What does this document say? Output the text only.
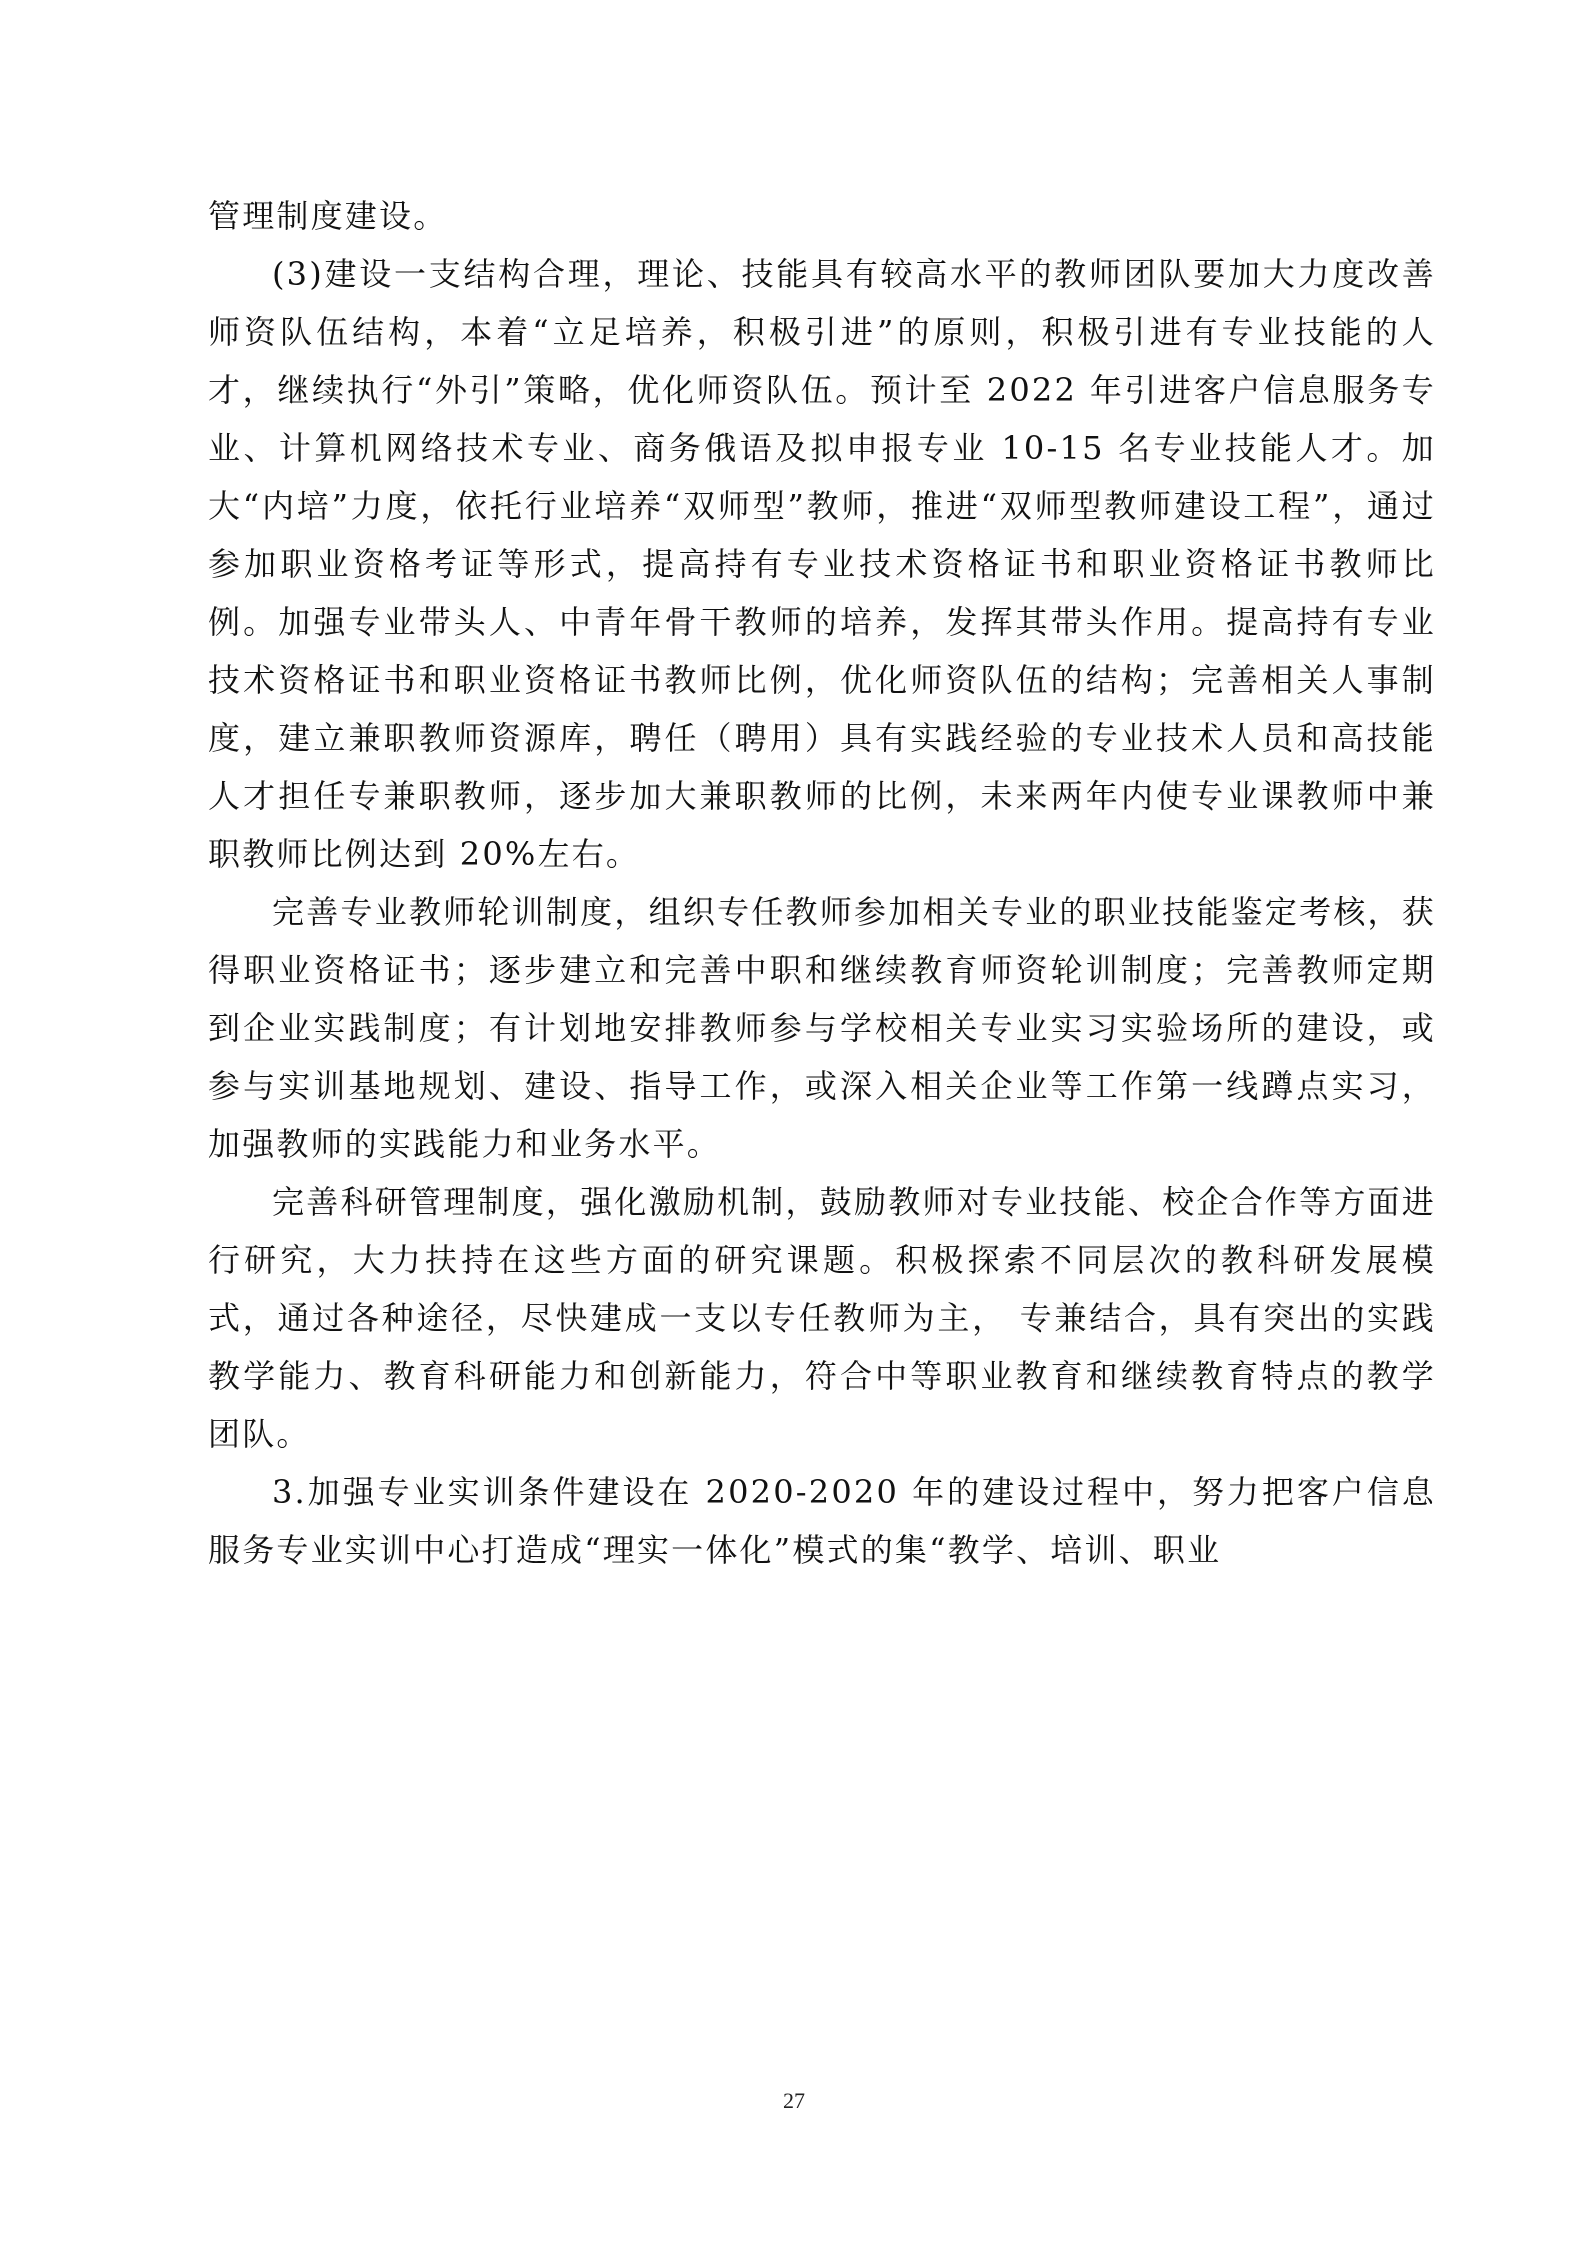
管理制度建设。

(3)建设一支结构合理，理论、技能具有较高水平的教师团队要加大力度改善师资队伍结构，本着“立足培养，积极引进”的原则，积极引进有专业技能的人才，继续执行“外引”策略，优化师资队伍。预计至 2022 年引进客户信息服务专业、计算机网络技术专业、商务俄语及拟申报专业 10-15 名专业技能人才。加大“内培”力度，依托行业培养“双师型”教师，推进“双师型教师建设工程”，通过参加职业资格考证等形式，提高持有专业技术资格证书和职业资格证书教师比例。加强专业带头人、中青年骨干教师的培养，发挥其带头作用。提高持有专业技术资格证书和职业资格证书教师比例，优化师资队伍的结构；完善相关人事制度，建立兼职教师资源库，聘任（聘用）具有实践经验的专业技术人员和高技能人才担任专兼职教师，逐步加大兼职教师的比例，未来两年内使专业课教师中兼职教师比例达到 20%左右。

完善专业教师轮训制度，组织专任教师参加相关专业的职业技能鉴定考核，获得职业资格证书；逐步建立和完善中职和继续教育师资轮训制度；完善教师定期到企业实践制度；有计划地安排教师参与学校相关专业实习实验场所的建设，或参与实训基地规划、建设、指导工作，或深入相关企业等工作第一线蹲点实习，加强教师的实践能力和业务水平。

完善科研管理制度，强化激励机制，鼓励教师对专业技能、校企合作等方面进行研究，大力扶持在这些方面的研究课题。积极探索不同层次的教科研发展模式，通过各种途径，尽快建成一支以专任教师为主， 专兼结合，具有突出的实践教学能力、教育科研能力和创新能力，符合中等职业教育和继续教育特点的教学团队。

3.加强专业实训条件建设在 2020-2020 年的建设过程中，努力把客户信息服务专业实训中心打造成“理实一体化”模式的集“教学、培训、职业

27
